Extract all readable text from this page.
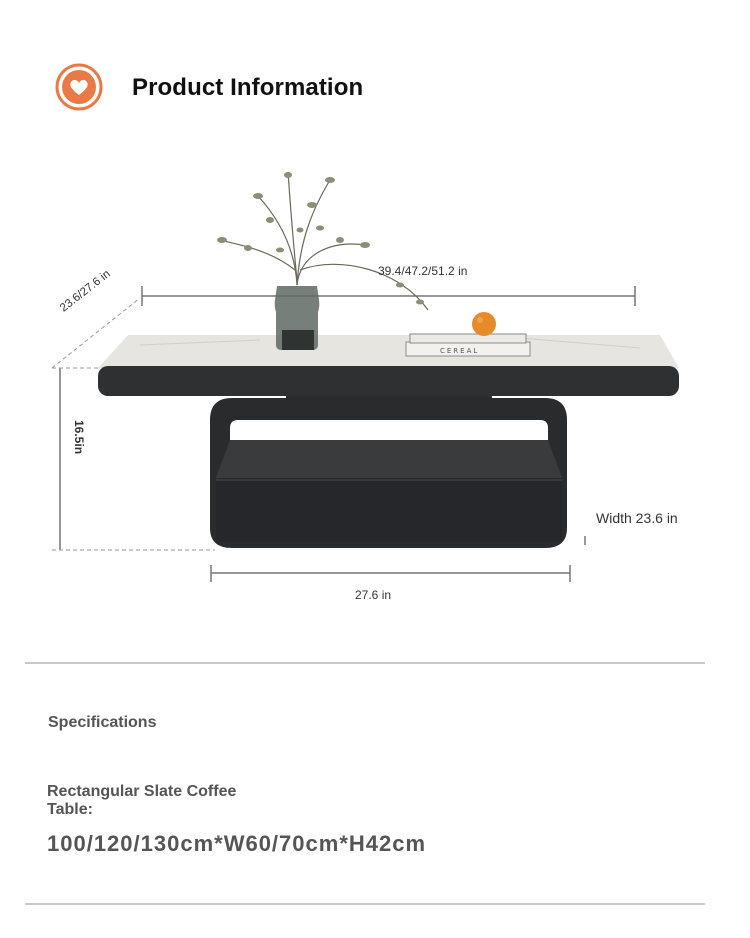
Product Information
CEREAL
39.4/47.2/51.2 in
23.6/27.6 in
16.5in
Width 23.6 in
27.6 in
Specifications
Rectangular Slate Coffee Table:
100/120/130cm*W60/70cm*H42cm
